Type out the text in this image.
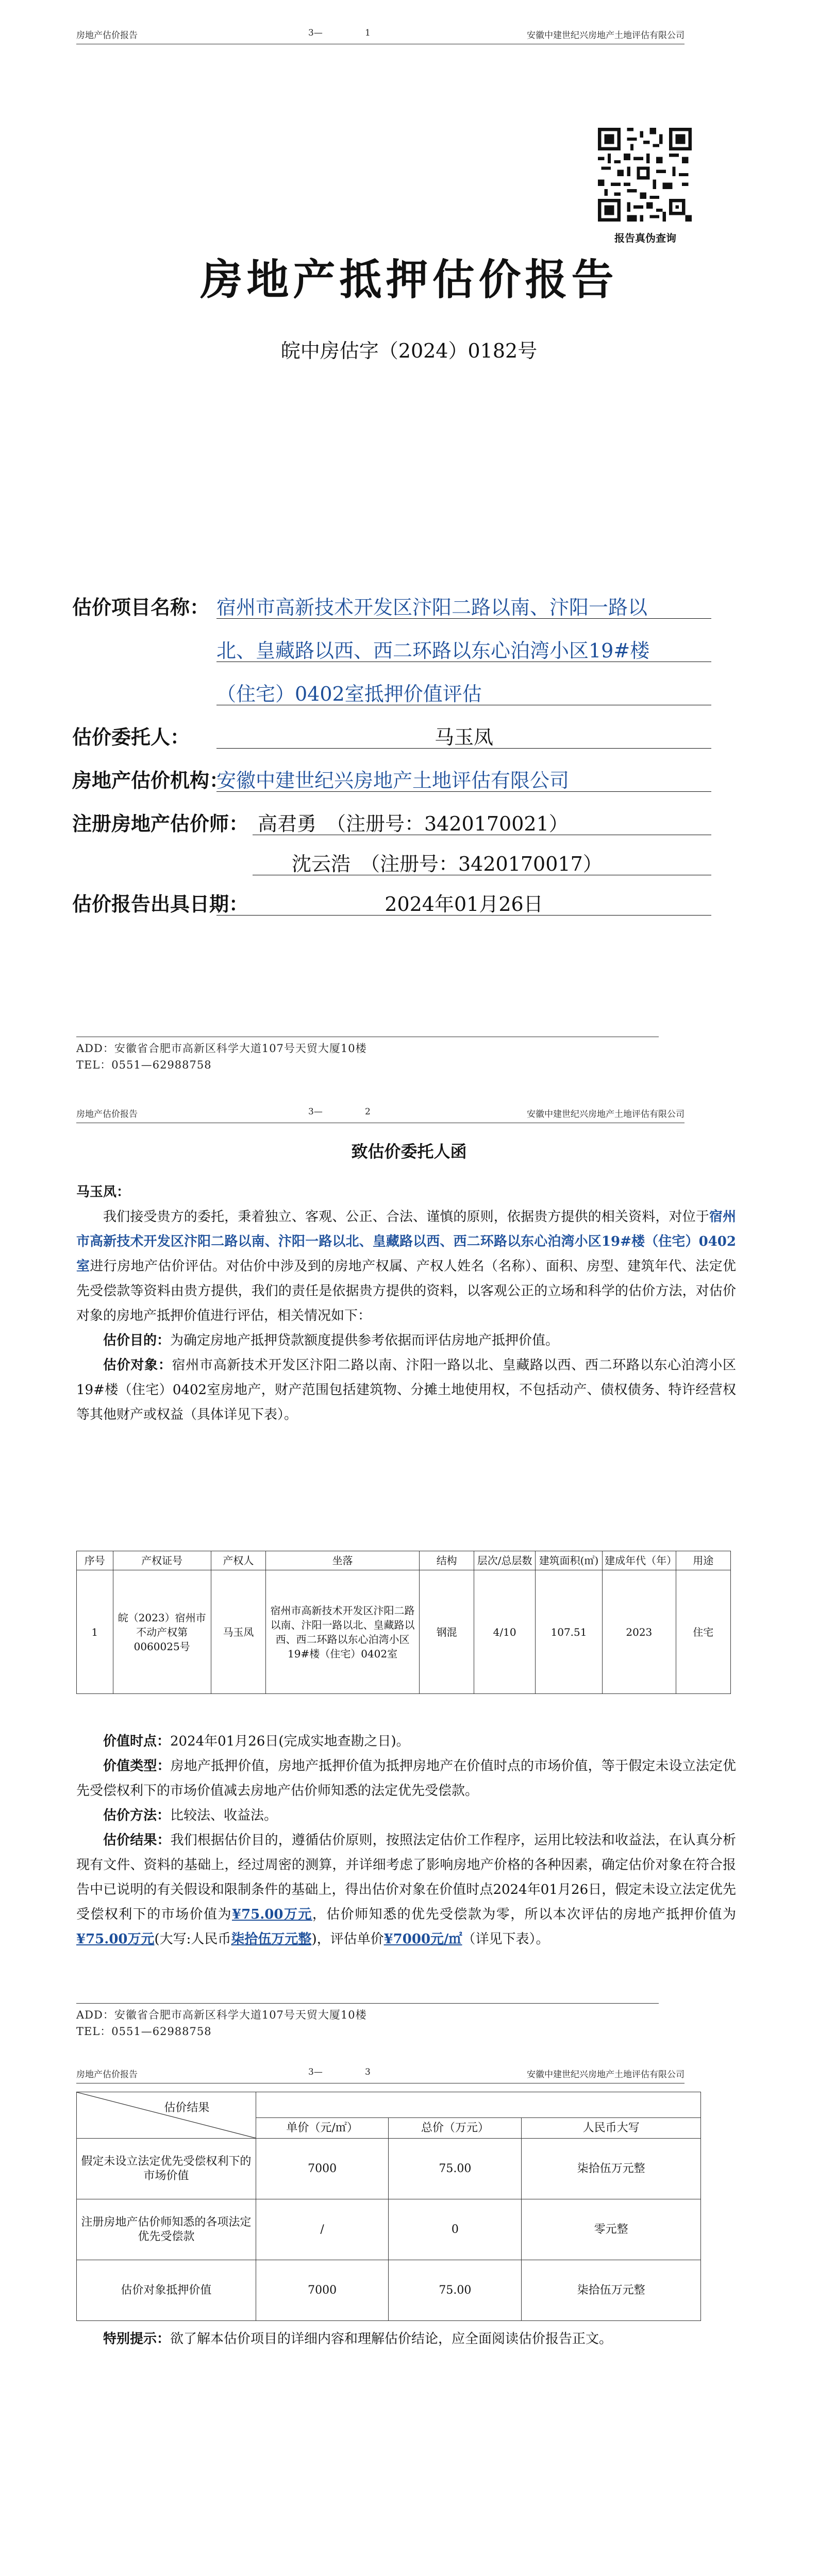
房地产估价报告	3—	1	安徽中建世纪兴房地产土地评估有限公司
报告真伪查询
房地产抵押估价报告
皖中房估字（2024）0182号
估价项目名称： 宿州市高新技术开发区汴阳二路以南、汴阳一路以
北、皇藏路以西、西二环路以东心泊湾小区19#楼
（住宅）0402室抵押价值评估
估价委托人：	马玉凤
房地产估价机构：
安徽中建世纪兴房地产土地评估有限公司
注册房地产估价师： 高君勇　（注册号：3420170021）
沈云浩　（注册号：3420170017）
估价报告出具日期：	2024年01月26日
ADD：安徽省合肥市高新区科学大道107号天贸大厦10楼
TEL：0551—62988758
房地产估价报告	3—	2	安徽中建世纪兴房地产土地评估有限公司
致估价委托人函

马玉凤：

我们接受贵方的委托，秉着独立、客观、公正、合法、谨慎的原则，依据贵方提供的相关资料，对位于宿州市高新技术开发区汴阳二路以南、汴阳一路以北、皇藏路以西、西二环路以东心泊湾小区19#楼（住宅）0402室进行房地产估价评估。对估价中涉及到的房地产权属、产权人姓名（名称）、面积、房型、建筑年代、法定优先受偿款等资料由贵方提供，我们的责任是依据贵方提供的资料，以客观公正的立场和科学的估价方法，对估价对象的房地产抵押价值进行评估，相关情况如下：

估价目的：为确定房地产抵押贷款额度提供参考依据而评估房地产抵押价值。

估价对象：宿州市高新技术开发区汴阳二路以南、汴阳一路以北、皇藏路以西、西二环路以东心泊湾小区19#楼（住宅）0402室房地产，财产范围包括建筑物、分摊土地使用权，不包括动产、债权债务、特许经营权等其他财产或权益（具体详见下表）。

序号	产权证号	产权人	坐落	结构	层次/总层数	建筑面积(㎡)	建成年代（年）	用途
1	皖（2023）宿州市不动产权第0060025号	马玉凤	宿州市高新技术开发区汴阳二路以南、汴阳一路以北、皇藏路以西、西二环路以东心泊湾小区19#楼（住宅）0402室	钢混	4/10	107.51	2023	住宅

价值时点：2024年01月26日(完成实地查勘之日)。

价值类型：房地产抵押价值，房地产抵押价值为抵押房地产在价值时点的市场价值，等于假定未设立法定优先受偿权利下的市场价值减去房地产估价师知悉的法定优先受偿款。

估价方法：比较法、收益法。

估价结果：我们根据估价目的，遵循估价原则，按照法定估价工作程序，运用比较法和收益法，在认真分析现有文件、资料的基础上，经过周密的测算，并详细考虑了影响房地产价格的各种因素，确定估价对象在符合报告中已说明的有关假设和限制条件的基础上，得出估价对象在价值时点2024年01月26日，假定未设立法定优先受偿权利下的市场价值为¥75.00万元，估价师知悉的优先受偿款为零，所以本次评估的房地产抵押价值为¥75.00万元(大写:人民币柒拾伍万元整)，评估单价¥7000元/㎡（详见下表）。

ADD：安徽省合肥市高新区科学大道107号天贸大厦10楼
TEL：0551—62988758
房地产估价报告	3—	3	安徽中建世纪兴房地产土地评估有限公司
估价结果			
	单价（元/㎡）	总价（万元）	人民币大写
假定未设立法定优先受偿权利下的市场价值	7000	75.00	柒拾伍万元整
注册房地产估价师知悉的各项法定优先受偿款	/	0	零元整
估价对象抵押价值	7000	75.00	柒拾伍万元整

特别提示：欲了解本估价项目的详细内容和理解估价结论，应全面阅读估价报告正文。
